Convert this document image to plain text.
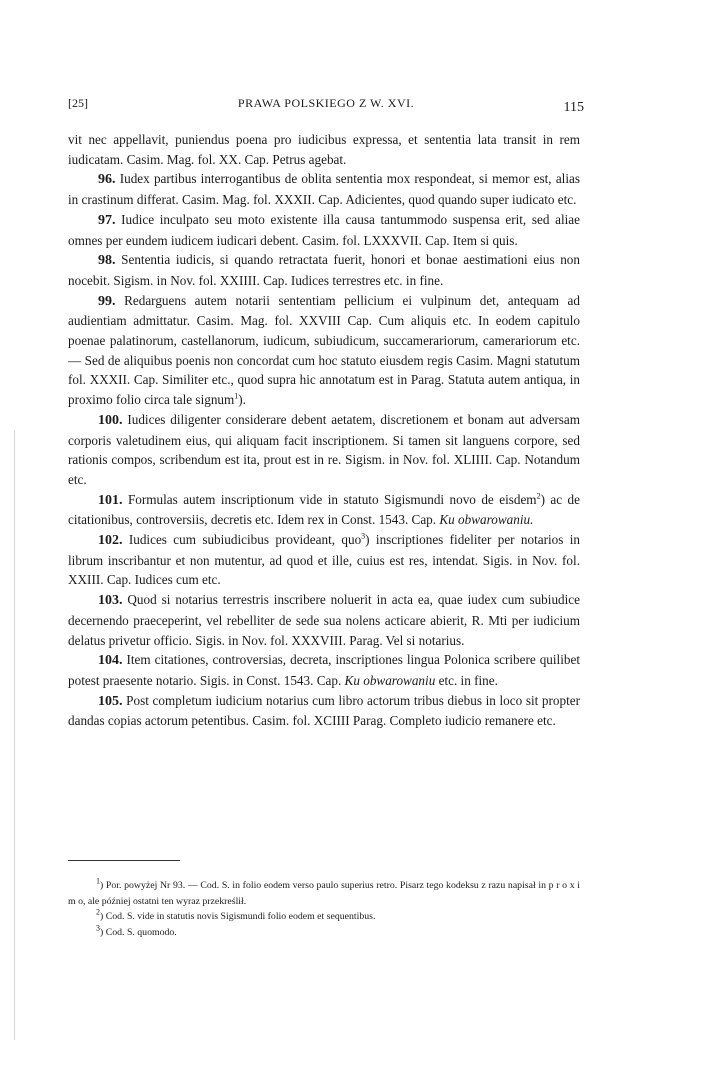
[25]	PRAWA POLSKIEGO Z W. XVI.	115

vit nec appellavit, puniendus poena pro iudicibus expressa, et sententia lata transit in rem iudicatam. Casim. Mag. fol. XX. Cap. Petrus agebat.

96. Iudex partibus interrogantibus de oblita sententia mox respondeat, si memor est, alias in crastinum differat. Casim. Mag. fol. XXXII. Cap. Adicientes, quod quando super iudicato etc.

97. Iudice inculpato seu moto existente illa causa tantummodo suspensa erit, sed aliae omnes per eundem iudicem iudicari debent. Casim. fol. LXXXVII. Cap. Item si quis.

98. Sententia iudicis, si quando retractata fuerit, honori et bonae aestimationi eius non nocebit. Sigism. in Nov. fol. XXIIII. Cap. Iudices terrestres etc. in fine.

99. Redarguens autem notarii sententiam pellicium ei vulpinum det, antequam ad audientiam admittatur. Casim. Mag. fol. XXVIII Cap. Cum aliquis etc. In eodem capitulo poenae palatinorum, castellanorum, iudicum, subiudicum, succamerariorum, camerariorum etc. — Sed de aliquibus poenis non concordat cum hoc statuto eiusdem regis Casim. Magni statutum fol. XXXII. Cap. Similiter etc., quod supra hic annotatum est in Parag. Statuta autem antiqua, in proximo folio circa tale signum$^1$).

100. Iudices diligenter considerare debent aetatem, discretionem et bonam aut adversam corporis valetudinem eius, qui aliquam facit inscriptionem. Si tamen sit languens corpore, sed rationis compos, scribendum est ita, prout est in re. Sigism. in Nov. fol. XLIIII. Cap. Notandum etc.

101. Formulas autem inscriptionum vide in statuto Sigismundi novo de eisdem$^2$) ac de citationibus, controversiis, decretis etc. Idem rex in Const. 1543. Cap. Ku obwarowaniu.

102. Iudices cum subiudicibus provideant, quo$^3$) inscriptiones fideliter per notarios in librum inscribantur et non mutentur, ad quod et ille, cuius est res, intendat. Sigis. in Nov. fol. XXIII. Cap. Iudices cum etc.

103. Quod si notarius terrestris inscribere noluerit in acta ea, quae iudex cum subiudice decernendo praeceperint, vel rebelliter de sede sua nolens acticare abierit, R. Mti per iudicium delatus privetur officio. Sigis. in Nov. fol. XXXVIII. Parag. Vel si notarius.

104. Item citationes, controversias, decreta, inscriptiones lingua Polonica scribere quilibet potest praesente notario. Sigis. in Const. 1543. Cap. Ku obwarowaniu etc. in fine.

105. Post completum iudicium notarius cum libro actorum tribus diebus in loco sit propter dandas copias actorum petentibus. Casim. fol. XCIIII Parag. Completo iudicio remanere etc.

$^1$) Por. powyżej Nr 93. — Cod. S. in folio eodem verso paulo superius retro. Pisarz tego kodeksu z razu napisał in p r o x i m o, ale później ostatni ten wyraz przekreślił.

$^2$) Cod. S. vide in statutis novis Sigismundi folio eodem et sequentibus.

$^3$) Cod. S. quomodo.
